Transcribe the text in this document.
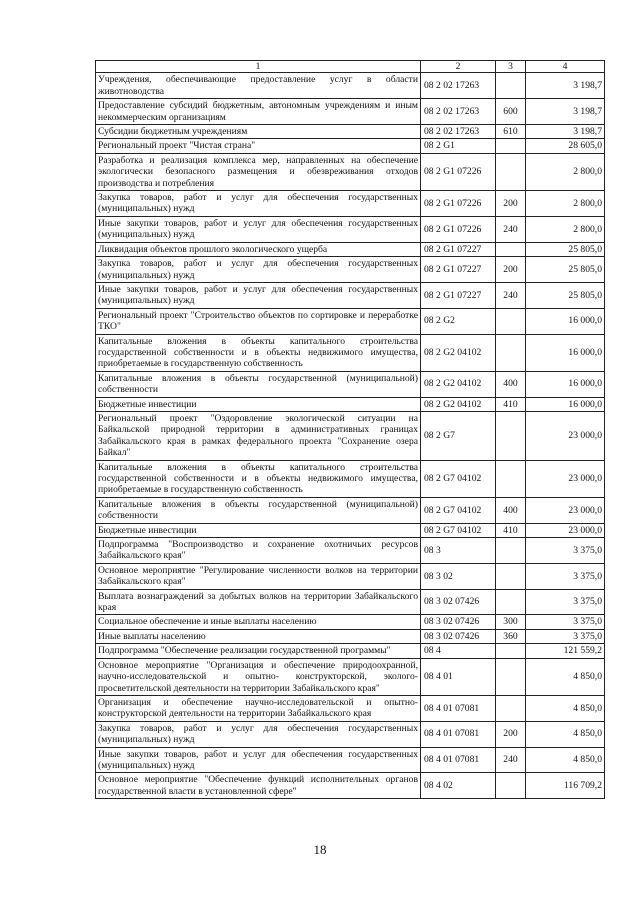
1	2	3	4
Учреждения, обеспечивающие предоставление услуг в области животноводства	08 2 02 17263		3 198,7
Предоставление субсидий бюджетным, автономным учреждениям и иным некоммерческим организациям	08 2 02 17263	600	3 198,7
Субсидии бюджетным учреждениям	08 2 02 17263	610	3 198,7
Региональный проект "Чистая страна"	08 2 G1		28 605,0
Разработка и реализация комплекса мер, направленных на обеспечение экологически безопасного размещения и обезвреживания отходов производства и потребления	08 2 G1 07226		2 800,0
Закупка товаров, работ и услуг для обеспечения государственных (муниципальных) нужд	08 2 G1 07226	200	2 800,0
Иные закупки товаров, работ и услуг для обеспечения государственных (муниципальных) нужд	08 2 G1 07226	240	2 800,0
Ликвидация объектов прошлого экологического ущерба	08 2 G1 07227		25 805,0
Закупка товаров, работ и услуг для обеспечения государственных (муниципальных) нужд	08 2 G1 07227	200	25 805,0
Иные закупки товаров, работ и услуг для обеспечения государственных (муниципальных) нужд	08 2 G1 07227	240	25 805,0
Региональный проект "Строительство объектов по сортировке и переработке ТКО"	08 2 G2		16 000,0
Капитальные вложения в объекты капитального строительства государственной собственности и в объекты недвижимого имущества, приобретаемые в государственную собственность	08 2 G2 04102		16 000,0
Капитальные вложения в объекты государственной (муниципальной) собственности	08 2 G2 04102	400	16 000,0
Бюджетные инвестиции	08 2 G2 04102	410	16 000,0
Региональный проект "Оздоровление экологической ситуации на Байкальской природной территории в административных границах Забайкальского края в рамках федерального проекта "Сохранение озера Байкал"	08 2 G7		23 000,0
Капитальные вложения в объекты капитального строительства государственной собственности и в объекты недвижимого имущества, приобретаемые в государственную собственность	08 2 G7 04102		23 000,0
Капитальные вложения в объекты государственной (муниципальной) собственности	08 2 G7 04102	400	23 000,0
Бюджетные инвестиции	08 2 G7 04102	410	23 000,0
Подпрограмма "Воспроизводство и сохранение охотничьих ресурсов Забайкальского края"	08 3		3 375,0
Основное мероприятие "Регулирование численности волков на территории Забайкальского края"	08 3 02		3 375,0
Выплата вознаграждений за добытых волков на территории Забайкальского края	08 3 02 07426		3 375,0
Социальное обеспечение и иные выплаты населению	08 3 02 07426	300	3 375,0
Иные выплаты населению	08 3 02 07426	360	3 375,0
Подпрограмма "Обеспечение реализации государственной программы"	08 4		121 559,2
Основное мероприятие "Организация и обеспечение природоохранной, научно-исследовательской и опытно- конструкторской, эколого-просветительской деятельности на территории Забайкальского края"	08 4 01		4 850,0
Организация и обеспечение научно-исследовательской и опытно-конструкторской деятельности на территории Забайкальского края	08 4 01 07081		4 850,0
Закупка товаров, работ и услуг для обеспечения государственных (муниципальных) нужд	08 4 01 07081	200	4 850,0
Иные закупки товаров, работ и услуг для обеспечения государственных (муниципальных) нужд	08 4 01 07081	240	4 850,0
Основное мероприятие "Обеспечение функций исполнительных органов государственной власти в установленной сфере"	08 4 02		116 709,2
18
